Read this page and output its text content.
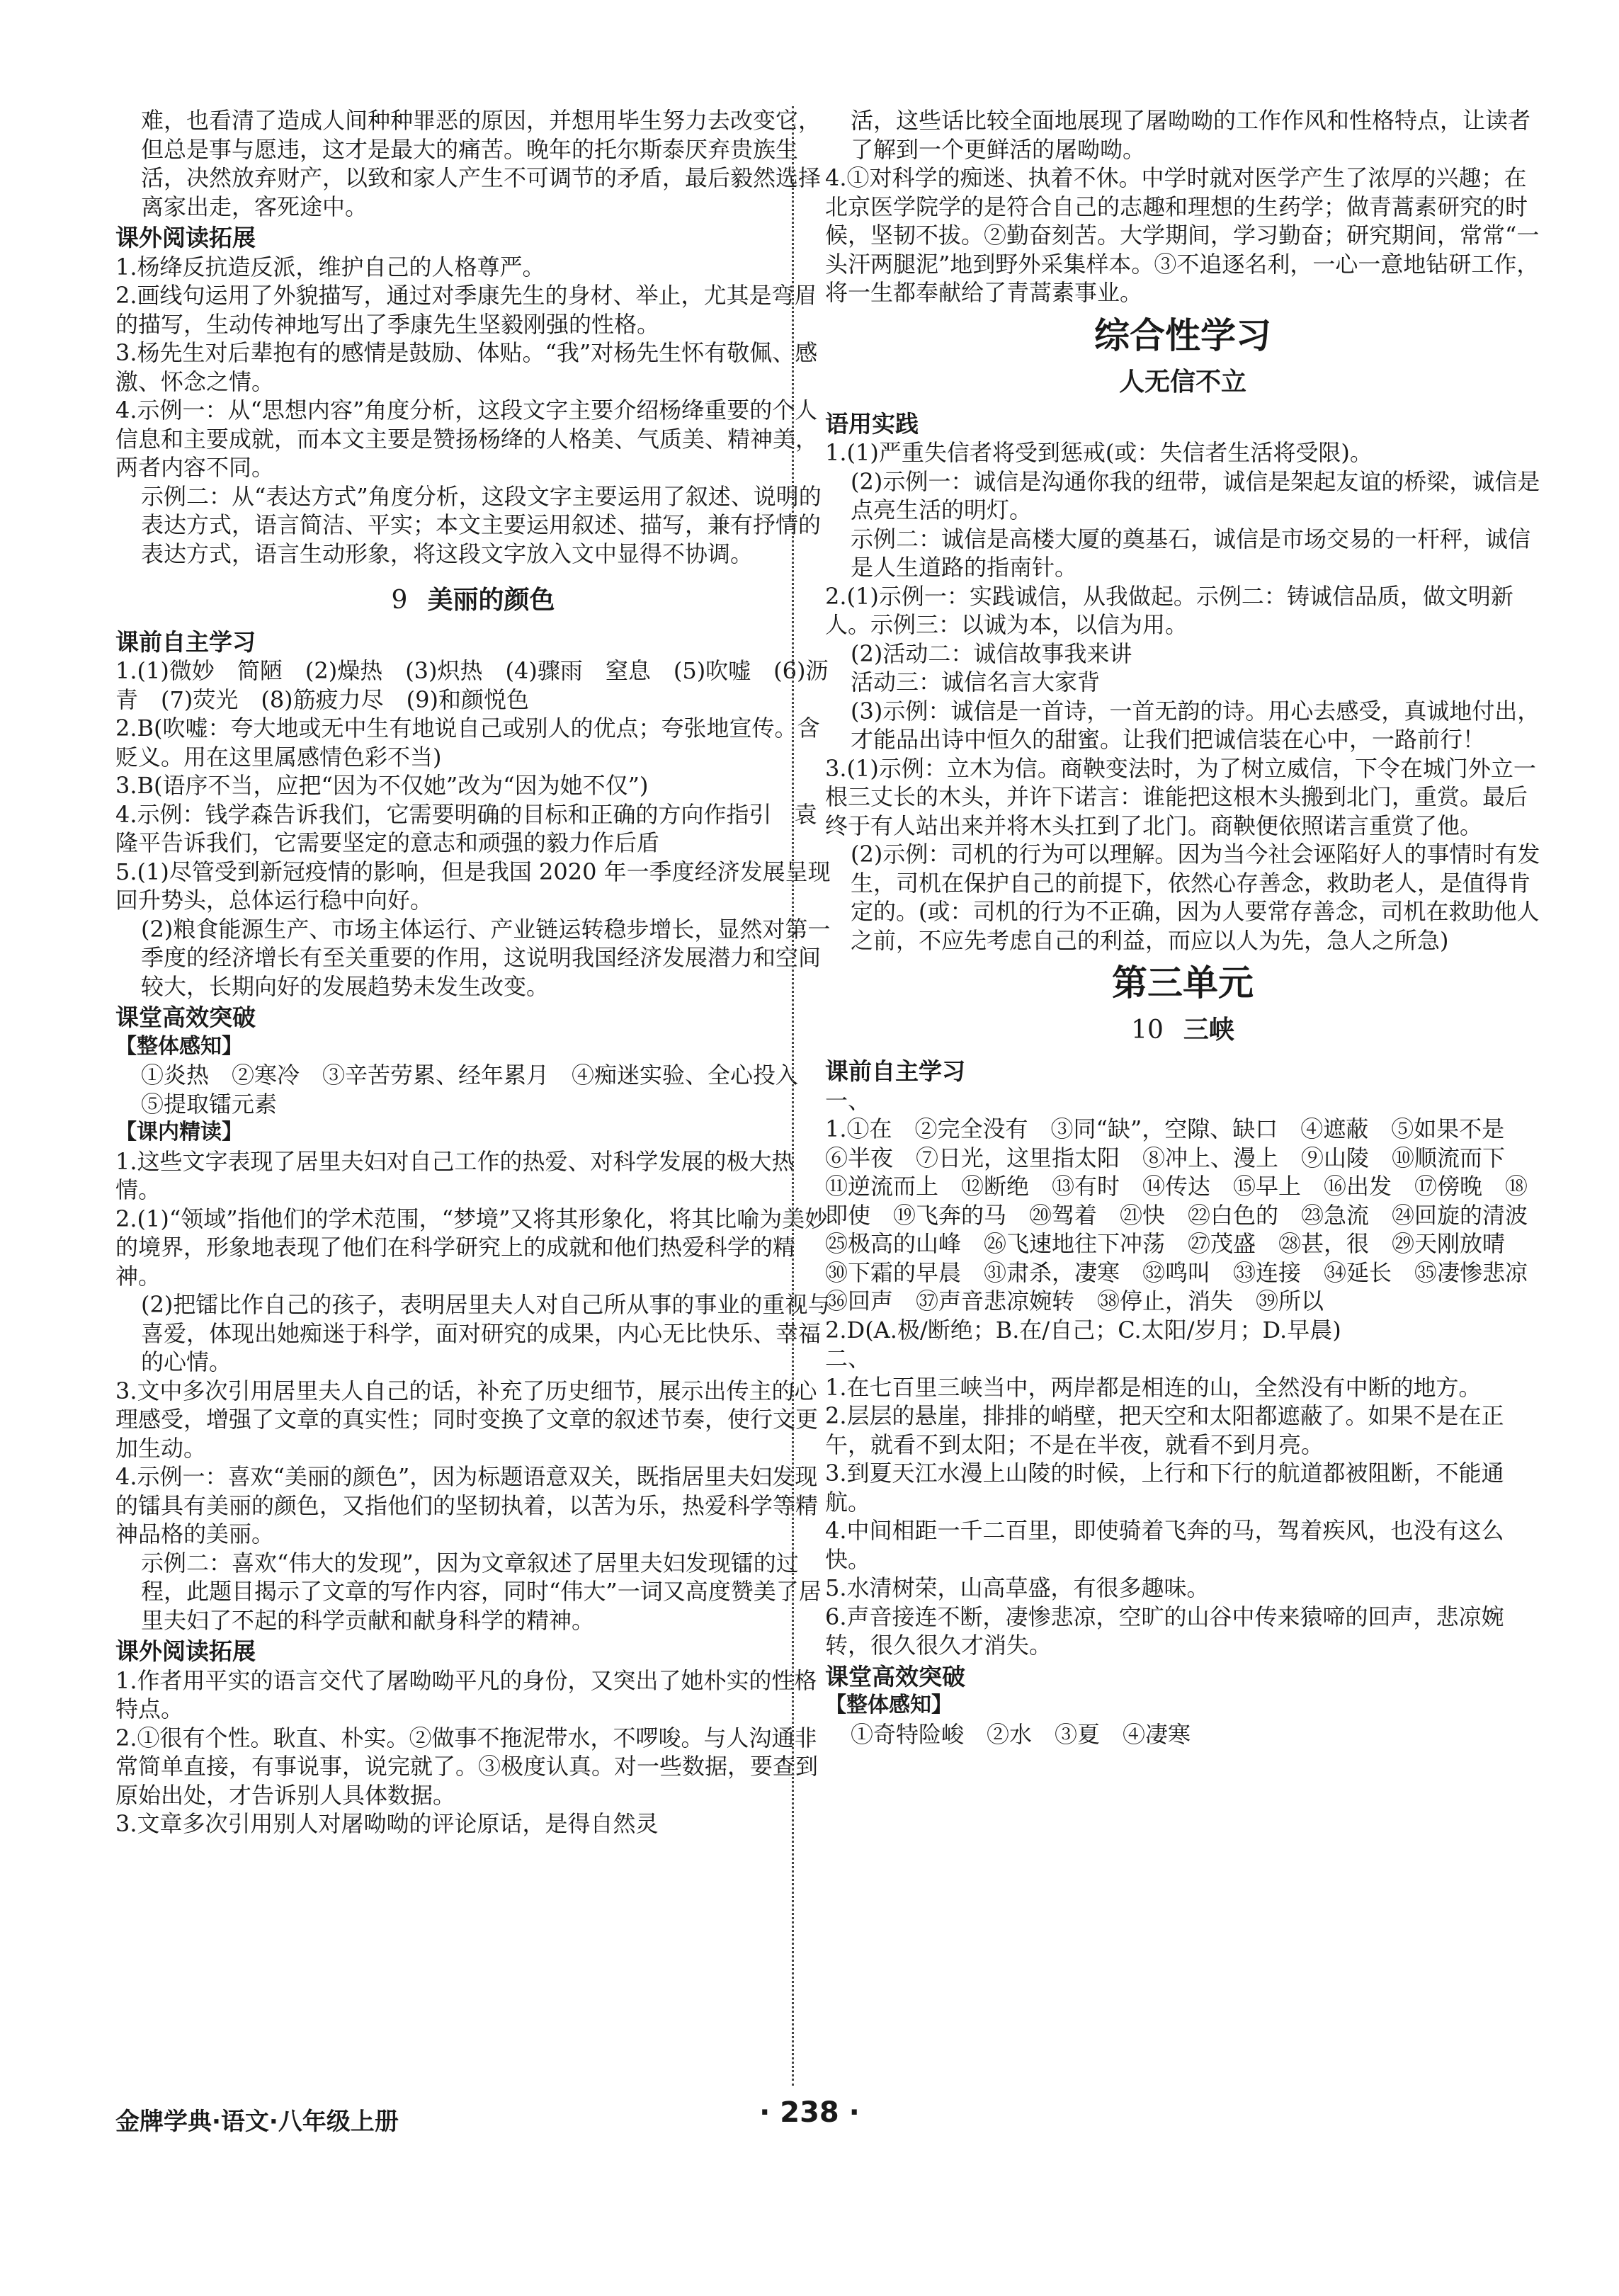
难，也看清了造成人间种种罪恶的原因，并想用毕生努力去改变它，但总是事与愿违，这才是最大的痛苦。晚年的托尔斯泰厌弃贵族生活，决然放弃财产，以致和家人产生不可调节的矛盾，最后毅然选择离家出走，客死途中。

课外阅读拓展

1.杨绛反抗造反派，维护自己的人格尊严。

2.画线句运用了外貌描写，通过对季康先生的身材、举止，尤其是弯眉的描写，生动传神地写出了季康先生坚毅刚强的性格。

3.杨先生对后辈抱有的感情是鼓励、体贴。“我”对杨先生怀有敬佩、感激、怀念之情。

4.示例一：从“思想内容”角度分析，这段文字主要介绍杨绛重要的个人信息和主要成就，而本文主要是赞扬杨绛的人格美、气质美、精神美，两者内容不同。

示例二：从“表达方式”角度分析，这段文字主要运用了叙述、说明的表达方式，语言简洁、平实；本文主要运用叙述、描写，兼有抒情的表达方式，语言生动形象，将这段文字放入文中显得不协调。

9 美丽的颜色

课前自主学习

1.(1)微妙　简陋　(2)燥热　(3)炽热　(4)骤雨　窒息　(5)吹嘘　(6)沥青　(7)荧光　(8)筋疲力尽　(9)和颜悦色

2.B(吹嘘：夸大地或无中生有地说自己或别人的优点；夸张地宣传。含贬义。用在这里属感情色彩不当)

3.B(语序不当，应把“因为不仅她”改为“因为她不仅”)

4.示例：钱学森告诉我们，它需要明确的目标和正确的方向作指引　袁隆平告诉我们，它需要坚定的意志和顽强的毅力作后盾

5.(1)尽管受到新冠疫情的影响，但是我国 2020 年一季度经济发展呈现回升势头，总体运行稳中向好。

(2)粮食能源生产、市场主体运行、产业链运转稳步增长，显然对第一季度的经济增长有至关重要的作用，这说明我国经济发展潜力和空间较大，长期向好的发展趋势未发生改变。

课堂高效突破

【整体感知】

①炎热　②寒冷　③辛苦劳累、经年累月　④痴迷实验、全心投入　⑤提取镭元素

【课内精读】

1.这些文字表现了居里夫妇对自己工作的热爱、对科学发展的极大热情。

2.(1)“领域”指他们的学术范围，“梦境”又将其形象化，将其比喻为美妙的境界，形象地表现了他们在科学研究上的成就和他们热爱科学的精神。

(2)把镭比作自己的孩子，表明居里夫人对自己所从事的事业的重视与喜爱，体现出她痴迷于科学，面对研究的成果，内心无比快乐、幸福的心情。

3.文中多次引用居里夫人自己的话，补充了历史细节，展示出传主的心理感受，增强了文章的真实性；同时变换了文章的叙述节奏，使行文更加生动。

4.示例一：喜欢“美丽的颜色”，因为标题语意双关，既指居里夫妇发现的镭具有美丽的颜色，又指他们的坚韧执着，以苦为乐，热爱科学等精神品格的美丽。

示例二：喜欢“伟大的发现”，因为文章叙述了居里夫妇发现镭的过程，此题目揭示了文章的写作内容，同时“伟大”一词又高度赞美了居里夫妇了不起的科学贡献和献身科学的精神。

课外阅读拓展

1.作者用平实的语言交代了屠呦呦平凡的身份，又突出了她朴实的性格特点。

2.①很有个性。耿直、朴实。②做事不拖泥带水，不啰唆。与人沟通非常简单直接，有事说事，说完就了。③极度认真。对一些数据，要查到原始出处，才告诉别人具体数据。

3.文章多次引用别人对屠呦呦的评论原话，是得自然灵

活，这些话比较全面地展现了屠呦呦的工作作风和性格特点，让读者了解到一个更鲜活的屠呦呦。

4.①对科学的痴迷、执着不休。中学时就对医学产生了浓厚的兴趣；在北京医学院学的是符合自己的志趣和理想的生药学；做青蒿素研究的时候，坚韧不拔。②勤奋刻苦。大学期间，学习勤奋；研究期间，常常“一头汗两腿泥”地到野外采集样本。③不追逐名利，一心一意地钻研工作，将一生都奉献给了青蒿素事业。

综合性学习

人无信不立

语用实践

1.(1)严重失信者将受到惩戒(或：失信者生活将受限)。

(2)示例一：诚信是沟通你我的纽带，诚信是架起友谊的桥梁，诚信是点亮生活的明灯。

示例二：诚信是高楼大厦的奠基石，诚信是市场交易的一杆秤，诚信是人生道路的指南针。

2.(1)示例一：实践诚信，从我做起。示例二：铸诚信品质，做文明新人。示例三：以诚为本，以信为用。

(2)活动二：诚信故事我来讲

活动三：诚信名言大家背

(3)示例：诚信是一首诗，一首无韵的诗。用心去感受，真诚地付出，才能品出诗中恒久的甜蜜。让我们把诚信装在心中，一路前行！

3.(1)示例：立木为信。商鞅变法时，为了树立威信，下令在城门外立一根三丈长的木头，并许下诺言：谁能把这根木头搬到北门，重赏。最后终于有人站出来并将木头扛到了北门。商鞅便依照诺言重赏了他。

(2)示例：司机的行为可以理解。因为当今社会诬陷好人的事情时有发生，司机在保护自己的前提下，依然心存善念，救助老人，是值得肯定的。(或：司机的行为不正确，因为人要常存善念，司机在救助他人之前，不应先考虑自己的利益，而应以人为先，急人之所急)

第三单元

10 三峡

课前自主学习

一、

1.①在　②完全没有　③同“缺”，空隙、缺口　④遮蔽　⑤如果不是　⑥半夜　⑦日光，这里指太阳　⑧冲上、漫上　⑨山陵　⑩顺流而下　⑪逆流而上　⑫断绝　⑬有时　⑭传达　⑮早上　⑯出发　⑰傍晚　⑱即使　⑲飞奔的马　⑳驾着　㉑快　㉒白色的　㉓急流　㉔回旋的清波　㉕极高的山峰　㉖飞速地往下冲荡　㉗茂盛　㉘甚，很　㉙天刚放晴　㉚下霜的早晨　㉛肃杀，凄寒　㉜鸣叫　㉝连接　㉞延长　㉟凄惨悲凉　㊱回声　㊲声音悲凉婉转　㊳停止，消失　㊴所以

2.D(A.极/断绝；B.在/自己；C.太阳/岁月；D.早晨)

二、

1.在七百里三峡当中，两岸都是相连的山，全然没有中断的地方。

2.层层的悬崖，排排的峭壁，把天空和太阳都遮蔽了。如果不是在正午，就看不到太阳；不是在半夜，就看不到月亮。

3.到夏天江水漫上山陵的时候，上行和下行的航道都被阻断，不能通航。

4.中间相距一千二百里，即使骑着飞奔的马，驾着疾风，也没有这么快。

5.水清树荣，山高草盛，有很多趣味。

6.声音接连不断，凄惨悲凉，空旷的山谷中传来猿啼的回声，悲凉婉转，很久很久才消失。

课堂高效突破

【整体感知】

①奇特险峻　②水　③夏　④凄寒

金牌学典·语文·八年级上册	· 238 ·
